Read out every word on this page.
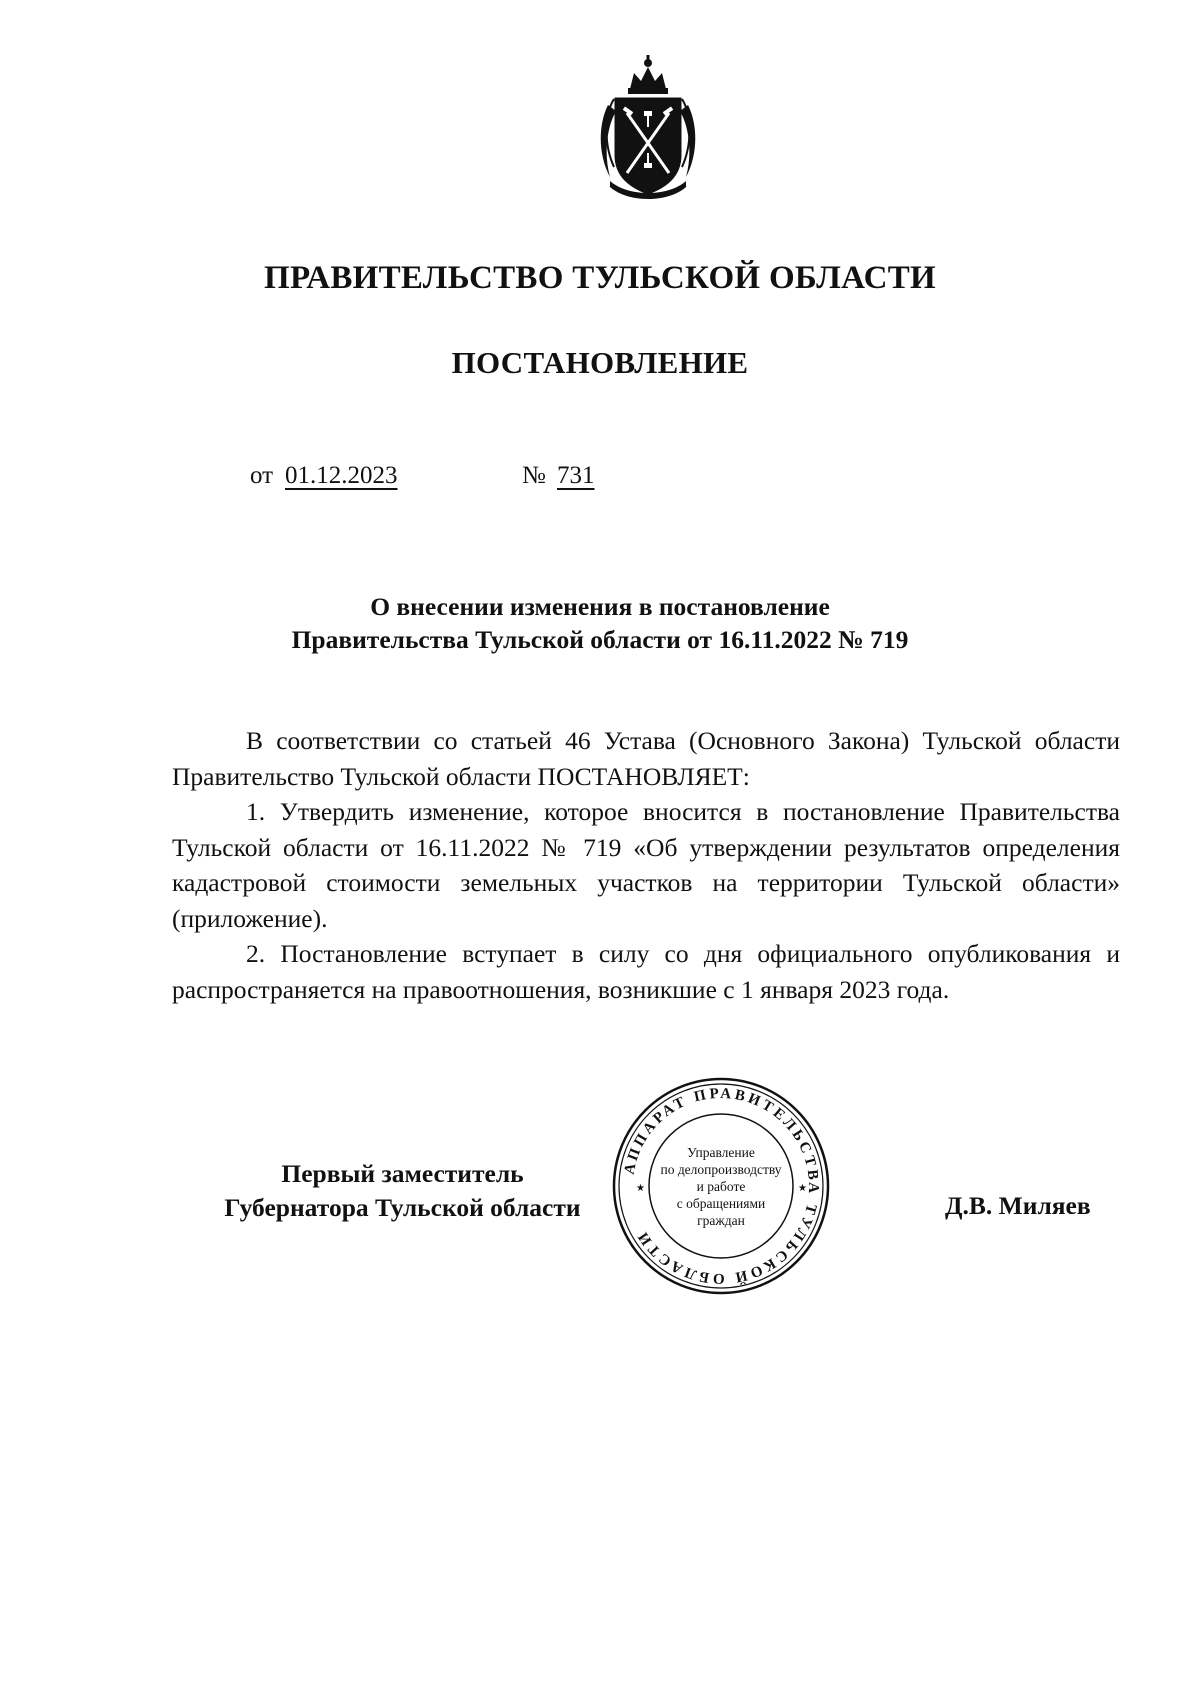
ПРАВИТЕЛЬСТВО ТУЛЬСКОЙ ОБЛАСТИ
ПОСТАНОВЛЕНИЕ
от 01.12.2023	№ 731
О внесении изменения в постановление
Правительства Тульской области от 16.11.2022 № 719

В соответствии со статьей 46 Устава (Основного Закона) Тульской области Правительство Тульской области ПОСТАНОВЛЯЕТ:

1. Утвердить изменение, которое вносится в постановление Правительства Тульской области от 16.11.2022 № 719 «Об утверждении результатов определения кадастровой стоимости земельных участков на территории Тульской области» (приложение).

2. Постановление вступает в силу со дня официального опубликования и распространяется на правоотношения, возникшие с 1 января 2023 года.

Первый заместитель
Губернатора Тульской области	Д.В. Миляев
АППАРАТ ПРАВИТЕЛЬСТВА ТУЛЬСКОЙ ОБЛАСТИ
Управление
по делопроизводству
и работе
с обращениями
граждан
★	★
